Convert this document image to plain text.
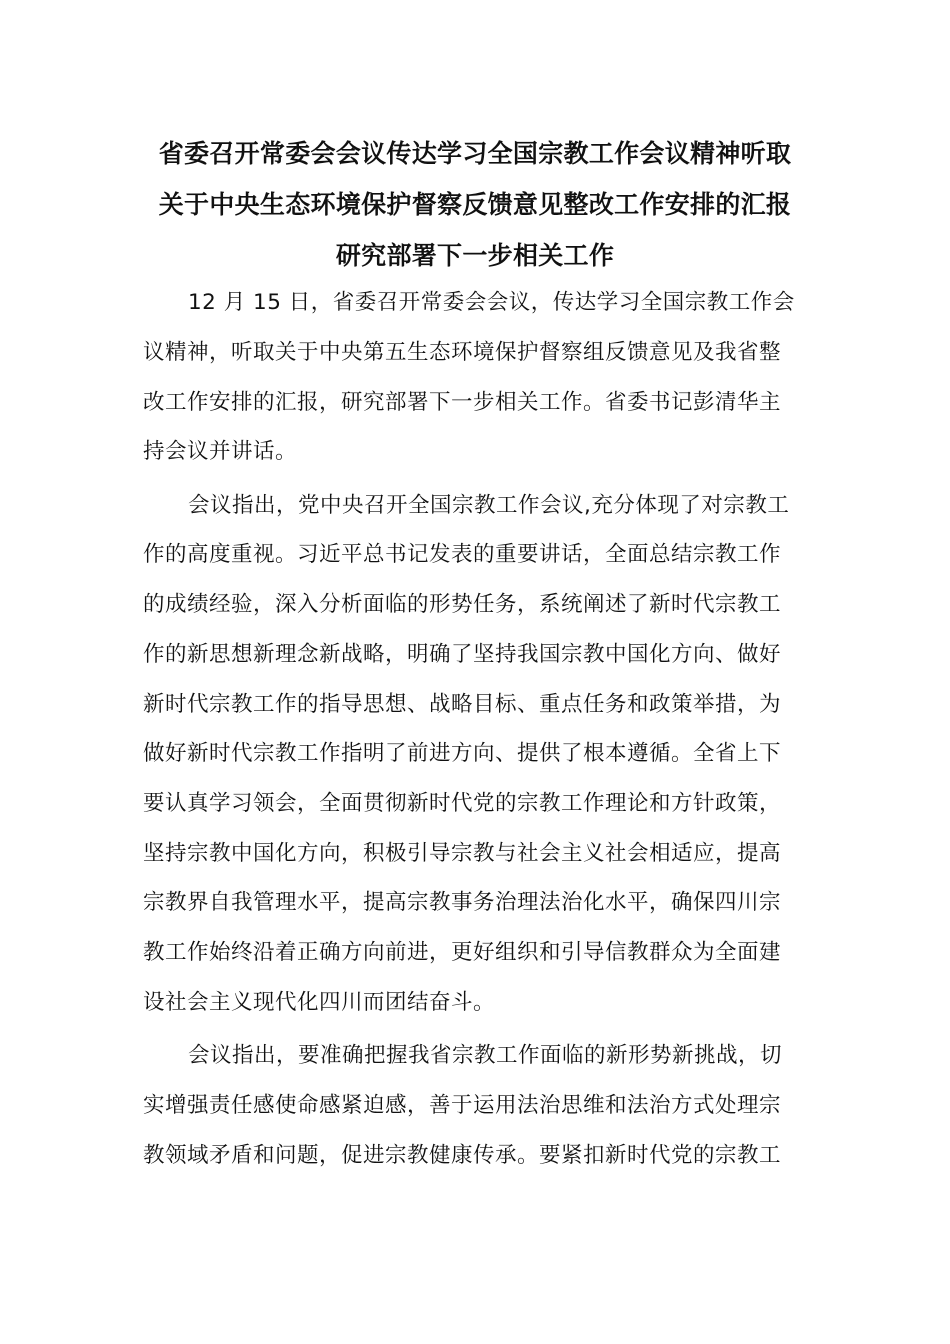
省委召开常委会会议传达学习全国宗教工作会议精神听取
关于中央生态环境保护督察反馈意见整改工作安排的汇报
研究部署下一步相关工作

12 月 15 日，省委召开常委会会议，传达学习全国宗教工作会

议精神，听取关于中央第五生态环境保护督察组反馈意见及我省整

改工作安排的汇报，研究部署下一步相关工作。省委书记彭清华主

持会议并讲话。

会议指出，党中央召开全国宗教工作会议,充分体现了对宗教工

作的高度重视。习近平总书记发表的重要讲话，全面总结宗教工作

的成绩经验，深入分析面临的形势任务，系统阐述了新时代宗教工

作的新思想新理念新战略，明确了坚持我国宗教中国化方向、做好

新时代宗教工作的指导思想、战略目标、重点任务和政策举措，为

做好新时代宗教工作指明了前进方向、提供了根本遵循。全省上下

要认真学习领会，全面贯彻新时代党的宗教工作理论和方针政策，

坚持宗教中国化方向，积极引导宗教与社会主义社会相适应，提高

宗教界自我管理水平，提高宗教事务治理法治化水平，确保四川宗

教工作始终沿着正确方向前进，更好组织和引导信教群众为全面建

设社会主义现代化四川而团结奋斗。

会议指出，要准确把握我省宗教工作面临的新形势新挑战，切

实增强责任感使命感紧迫感，善于运用法治思维和法治方式处理宗

教领域矛盾和问题，促进宗教健康传承。要紧扣新时代党的宗教工
